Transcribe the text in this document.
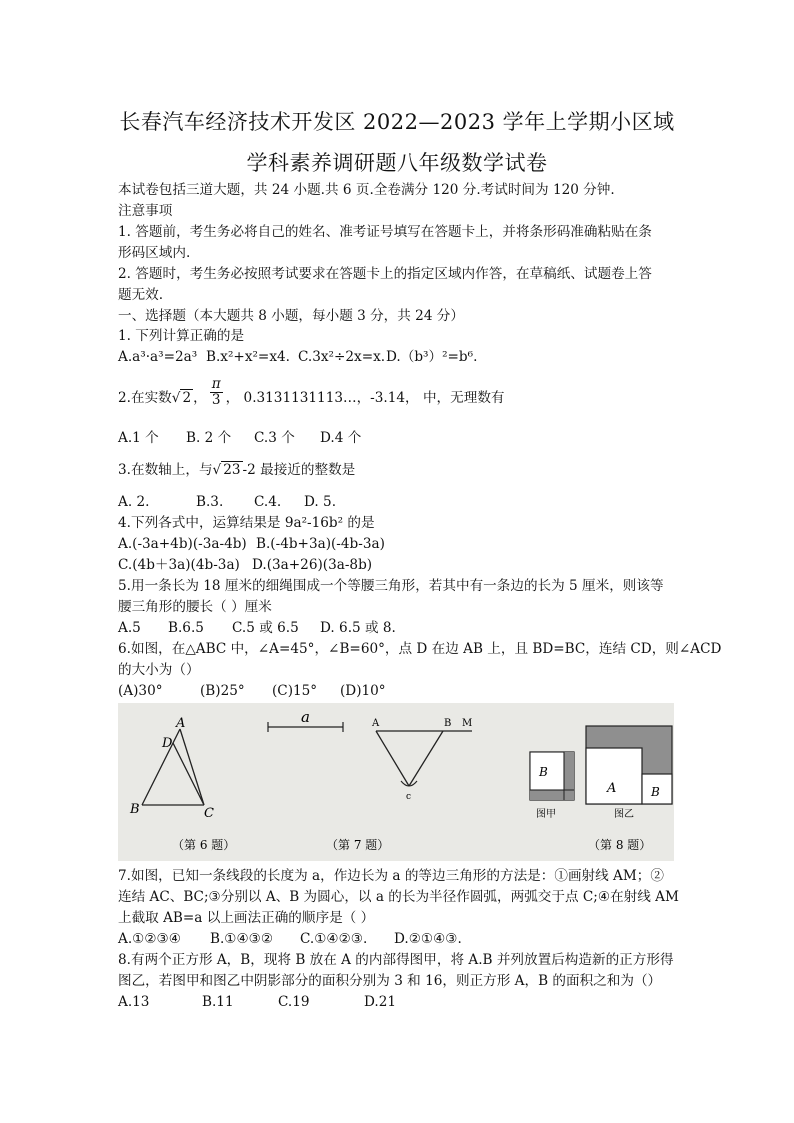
长春汽车经济技术开发区 2022—2023 学年上学期小区域
学科素养调研题八年级数学试卷
本试卷包括三道大题，共 24 小题.共 6 页.全卷满分 120 分.考试时间为 120 分钟.
注意事项
1. 答题前，考生务必将自己的姓名、准考证号填写在答题卡上，并将条形码准确粘贴在条
形码区域内.
2. 答题时，考生务必按照考试要求在答题卡上的指定区域内作答，在草稿纸、试题卷上答
题无效.
一、选择题（本大题共 8 小题，每小题 3 分，共 24 分）
1. 下列计算正确的是
A.a³·a³=2a³ B.x²+x²=x4. C.3x²÷2x=x.D.（b³）²=b⁶.
2.在实数√ 2 ， $\frac{\pi}{3}$ ， 0.3131131113…，-3.14， 中，无理数有
A.1 个 B. 2 个 C.3 个 D.4 个
3.在数轴上，与√ 23 -2 最接近的整数是
A. 2.	B.3. C.4. D. 5.
4.下列各式中，运算结果是 9a²-16b² 的是
A.(-3a+4b)(-3a-4b) B.(-4b+3a)(-4b-3a)
C.(4b＋3a)(4b-3a) D.(3a+26)(3a-8b)
5.用一条长为 18 厘米的细绳围成一个等腰三角形，若其中有一条边的长为 5 厘米，则该等
腰三角形的腰长（ ）厘米
A.5 B.6.5 C.5 或 6.5 D. 6.5 或 8.
6.如图，在△ABC 中，∠A=45°，∠B=60°，点 D 在边 AB 上，且 BD=BC，连结 CD，则∠ACD
的大小为（）
(A)30°	(B)25° (C)15° (D)10°
A
D
B	C
（第 6 题）
a	A	B M
c
（第 7 题）
B
图甲
A	B
图乙
（第 8 题）
7.如图，已知一条线段的长度为 a，作边长为 a 的等边三角形的方法是：①画射线 AM；②
连结 AC、BC;③分别以 A、B 为圆心，以 a 的长为半径作圆弧，两弧交于点 C;④在射线 AM
上截取 AB=a 以上画法正确的顺序是（ ）
A.①②③④ B.①④③② C.①④②③. D.②①④③.
8.有两个正方形 A，B，现将 B 放在 A 的内部得图甲，将 A.B 并列放置后构造新的正方形得
图乙，若图甲和图乙中阴影部分的面积分别为 3 和 16，则正方形 A，B 的面积之和为（）
A.13	B.11	C.19	D.21
